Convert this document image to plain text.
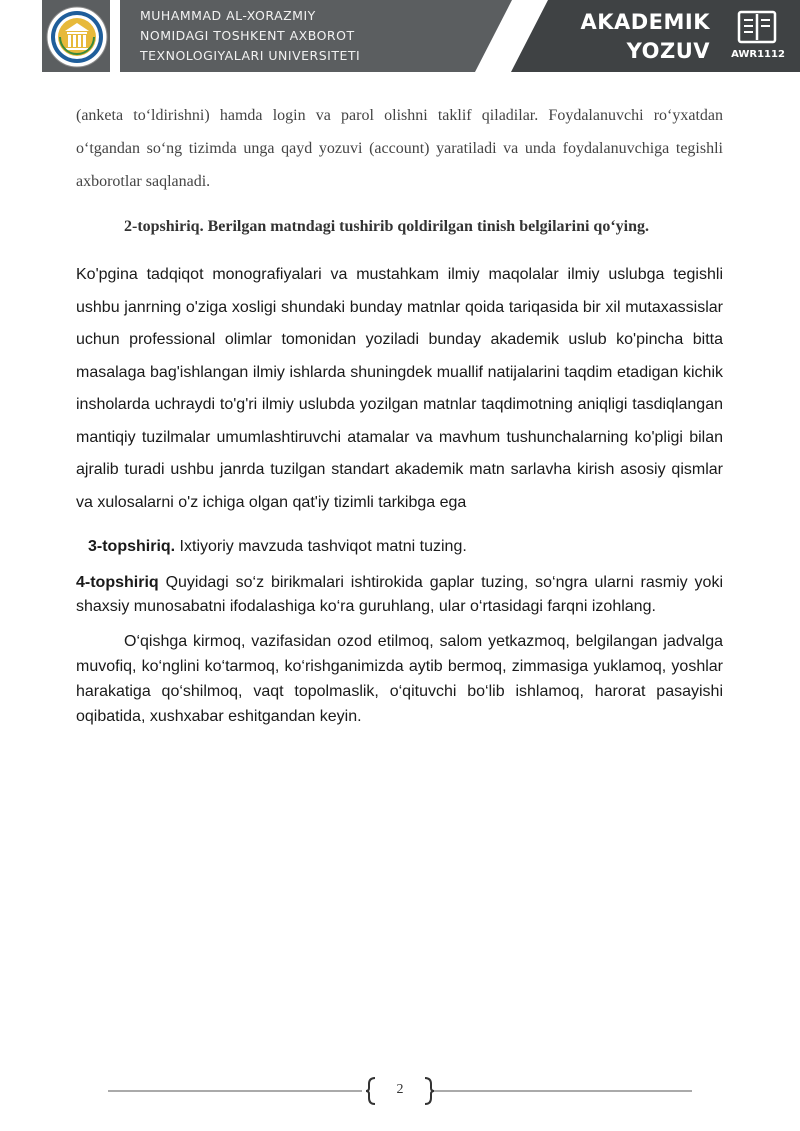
MUHAMMAD AL-XORAZMIY
NOMIDAGI TOSHKENT AXBOROT
TEXNOLOGIYALARI UNIVERSITETI
AKADEMIK
YOZUV	AWR1112

(anketa to‘ldirishni) hamda login va parol olishni taklif qiladilar. Foydalanuvchi ro‘yxatdan o‘tgandan so‘ng tizimda unga qayd yozuvi (account) yaratiladi va unda foydalanuvchiga tegishli axborotlar saqlanadi.

2-topshiriq. Berilgan matndagi tushirib qoldirilgan tinish belgilarini qo‘ying.

Ko'pgina tadqiqot monografiyalari va mustahkam ilmiy maqolalar ilmiy uslubga tegishli ushbu janrning o'ziga xosligi shundaki bunday matnlar qoida tariqasida bir xil mutaxassislar uchun professional olimlar tomonidan yoziladi bunday akademik uslub ko'pincha bitta masalaga bag'ishlangan ilmiy ishlarda shuningdek muallif natijalarini taqdim etadigan kichik insholarda uchraydi to'g'ri ilmiy uslubda yozilgan matnlar taqdimotning aniqligi tasdiqlangan mantiqiy tuzilmalar umumlashtiruvchi atamalar va mavhum tushunchalarning ko'pligi bilan ajralib turadi ushbu janrda tuzilgan standart akademik matn sarlavha kirish asosiy qismlar va xulosalarni o'z ichiga olgan qat'iy tizimli tarkibga ega

3-topshiriq. Ixtiyoriy mavzuda tashviqot matni tuzing.

4-topshiriq Quyidagi so‘z birikmalari ishtirokida gaplar tuzing, so‘ngra ularni rasmiy yoki shaxsiy munosabatni ifodalashiga ko‘ra guruhlang, ular o‘rtasidagi farqni izohlang.

O‘qishga kirmoq, vazifasidan ozod etilmoq, salom yetkazmoq, belgilangan jadvalga muvofiq, ko‘nglini ko‘tarmoq, ko‘rishganimizda aytib bermoq, zimmasiga yuklamoq, yoshlar harakatiga qo‘shilmoq, vaqt topolmaslik, o‘qituvchi bo‘lib ishlamoq, harorat pasayishi oqibatida, xushxabar eshitgandan keyin.

2
